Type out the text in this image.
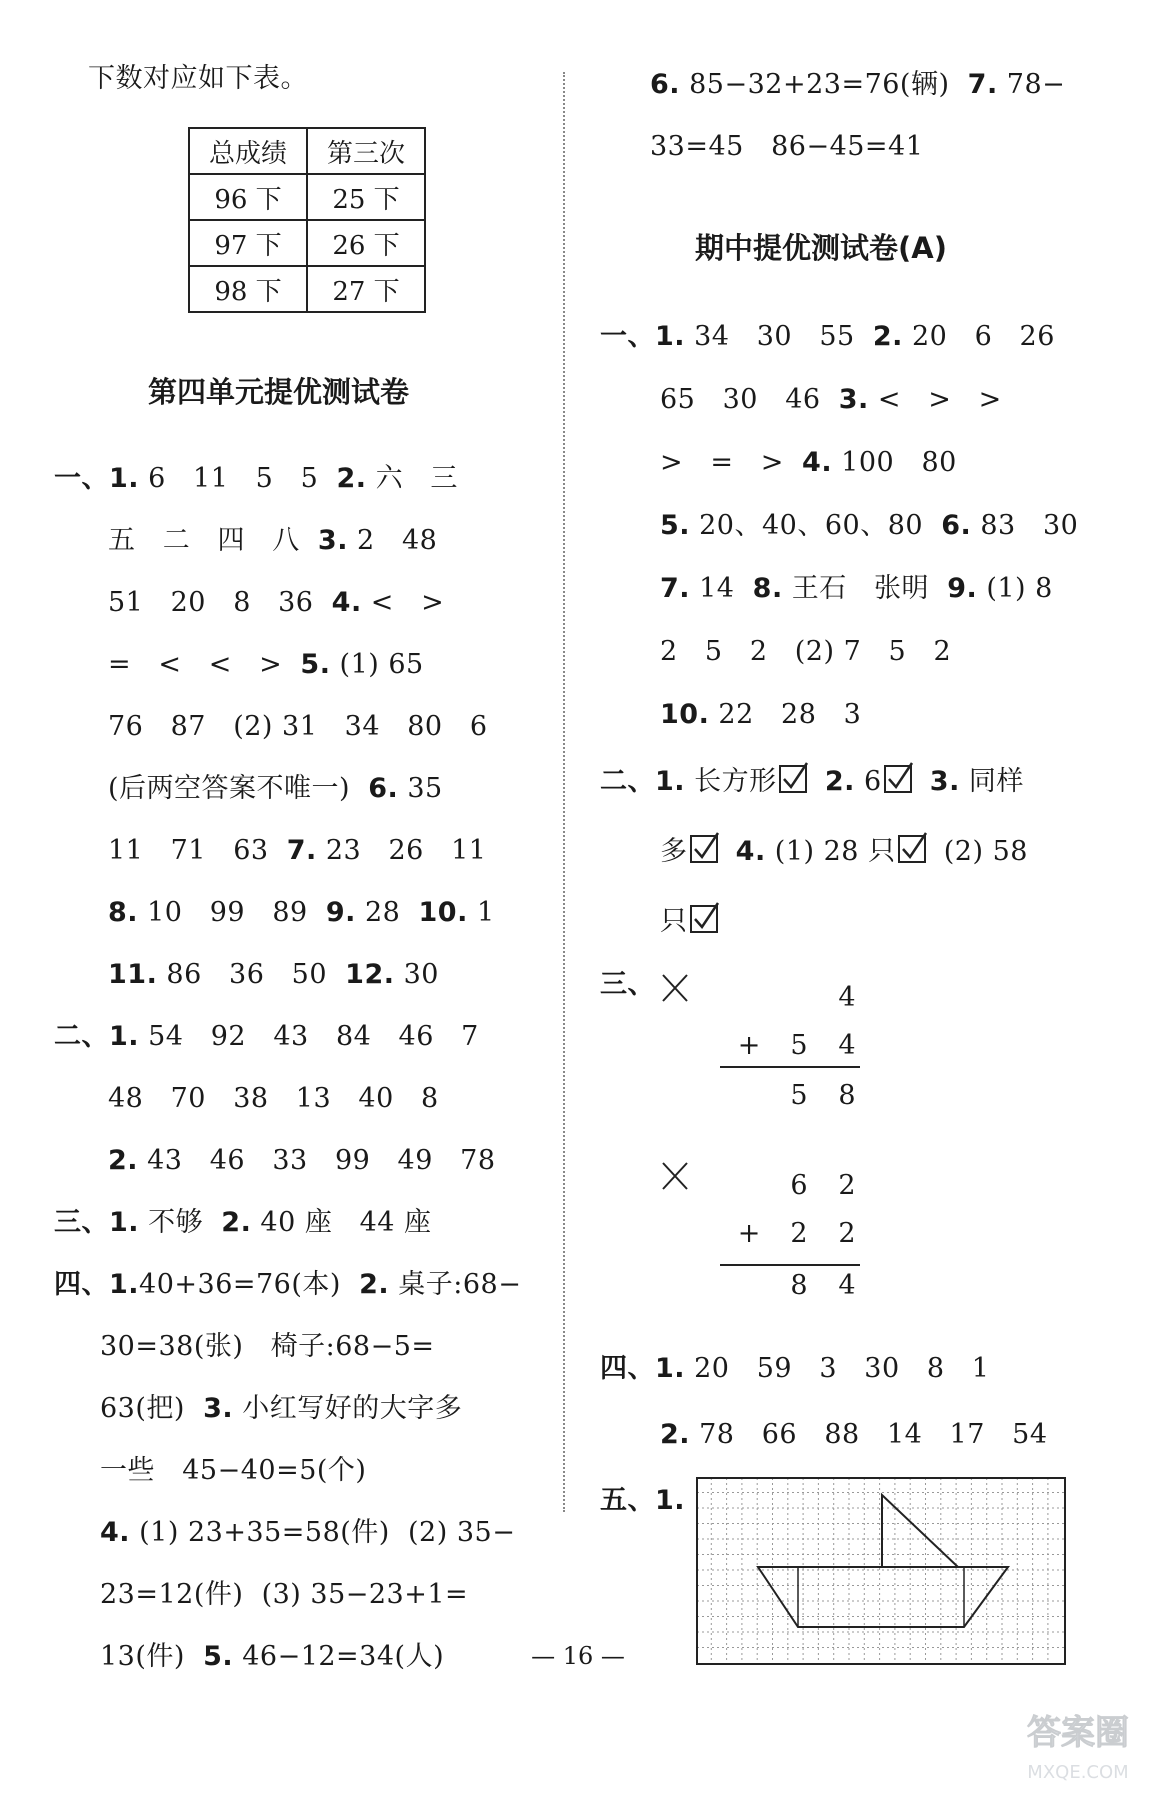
下数对应如下表。
总成绩	第三次
96 下	25 下
97 下	26 下
98 下	27 下
第四单元提优测试卷
一、1. 6   11   5   5  2. 六   三
五   二   四   八  3. 2   48
51   20   8   36  4. <   >
=   <   <   >  5. (1) 65
76   87   (2) 31   34   80   6
(后两空答案不唯一)  6. 35
11   71   63  7. 23   26   11
8. 10   99   89  9. 28  10. 1
11. 86   36   50  12. 30
二、1. 54   92   43   84   46   7
48   70   38   13   40   8
2. 43   46   33   99   49   78
三、1. 不够  2. 40 座   44 座
四、1.40+36=76(本)  2. 桌子:68−
30=38(张)   椅子:68−5=
63(把)  3. 小红写好的大字多
一些   45−40=5(个)
4. (1) 23+35=58(件)  (2) 35−
23=12(件)  (3) 35−23+1=
13(件)  5. 46−12=34(人)
6. 85−32+23=76(辆)  7. 78−
33=45   86−45=41
期中提优测试卷(A)
一、1. 34   30   55  2. 20   6   26
65   30   46  3. <   >   >
>   =   >  4. 100   80
5. 20、40、60、80  6. 83   30
7. 14  8. 王石   张明  9. (1) 8
2   5   2   (2) 7   5   2
10. 22   28   3
二、1. 长方形 2. 6 3. 同样
多 4. (1) 28 只 (2) 58
只
三、	4
+ 5 4
5 8
6 2
+ 2 2
8 4
四、1. 20   59   3   30   8   1
2. 78   66   88   14   17   54
五、1.
— 16 —
答案圈
MXQE.COM
